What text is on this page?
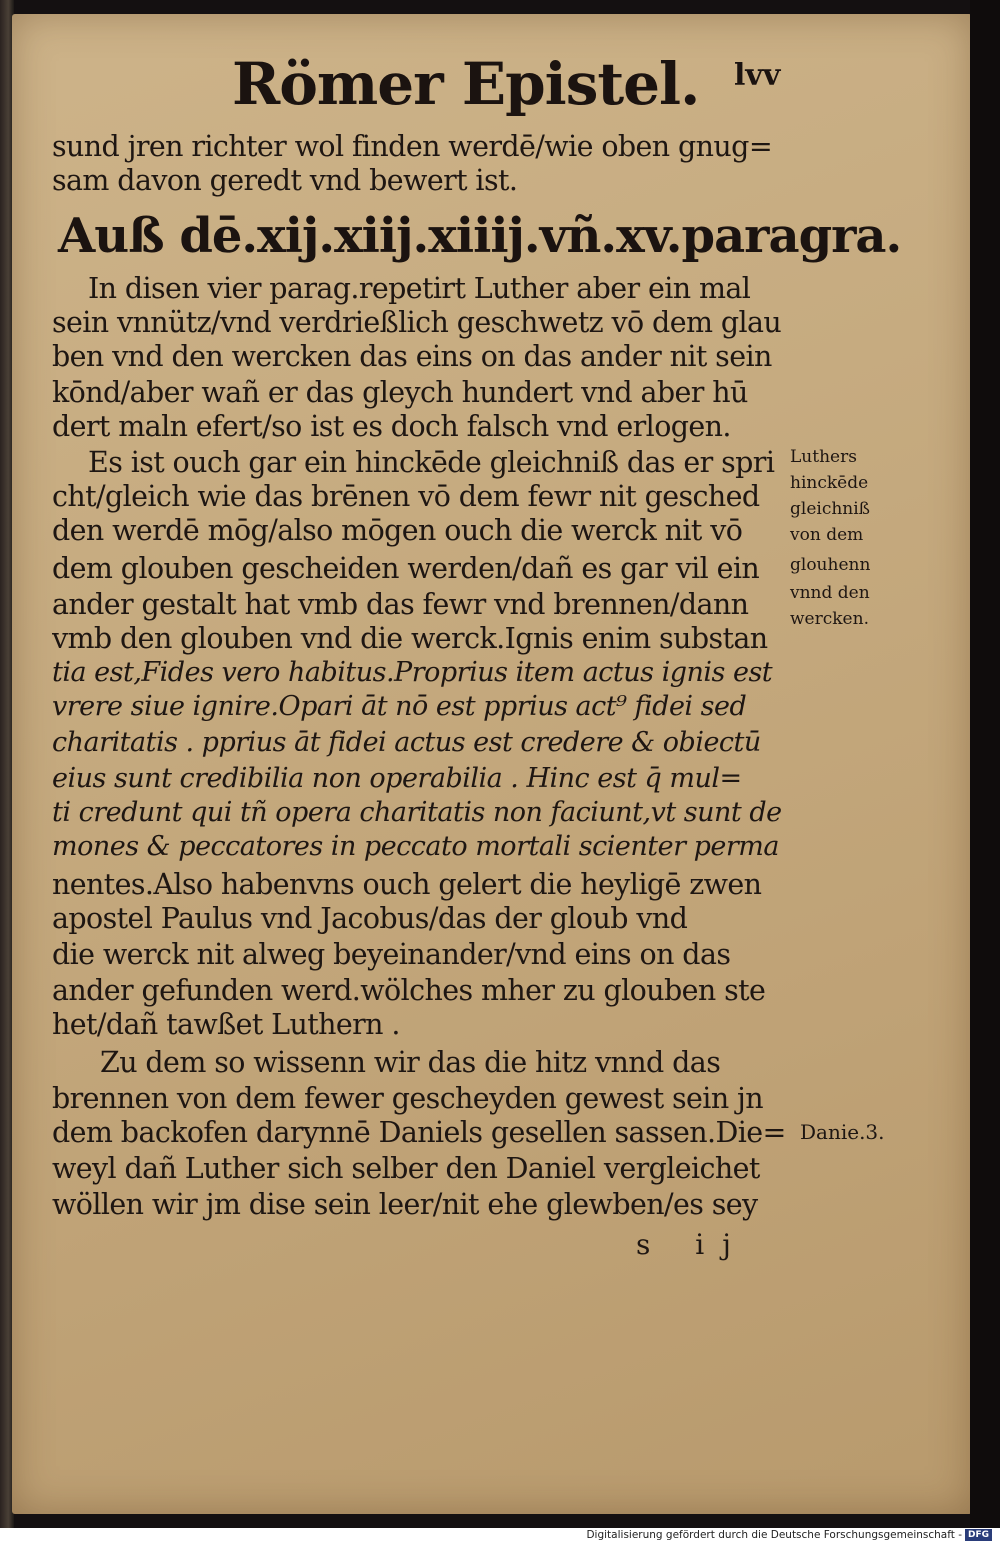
Römer Epistel. lvv
sund jren richter wol finden werdē/wie oben gnug=
sam davon geredt vnd bewert ist.
Auß dē.xij.xiij.xiiij.vñ.xv.paragra.
In disen vier parag.repetirt Luther aber ein mal
sein vnnütz/vnd verdrießlich geschwetz vō dem glau
ben vnd den wercken das eins on das ander nit sein
kōnd/aber wañ er das gleych hundert vnd aber hū
dert maln efert/so ist es doch falsch vnd erlogen.
Es ist ouch gar ein hinckēde gleichniß das er spri
cht/gleich wie das brēnen vō dem fewr nit gesched
den werdē mōg/also mōgen ouch die werck nit vō
dem glouben gescheiden werden/dañ es gar vil ein
ander gestalt hat vmb das fewr vnd brennen/dann
vmb den glouben vnd die werck.Ignis enim substan
tia est,Fides vero habitus.Proprius item actus ignis est
vrere siue ignire.Opari āt nō est pprius act⁹ fidei sed
charitatis . pprius āt fidei actus est credere & obiectū
eius sunt credibilia non operabilia . Hinc est q̄ mul=
ti credunt qui tñ opera charitatis non faciunt,vt sunt de
mones & peccatores in peccato mortali scienter perma
nentes.Also habenvns ouch gelert die heyligē zwen
apostel Paulus vnd Jacobus/das der gloub vnd
die werck nit alweg beyeinander/vnd eins on das
ander gefunden werd.wölches mher zu glouben ste
het/dañ tawßet Luthern .
Zu dem so wissenn wir das die hitz vnnd das
brennen von dem fewer gescheyden gewest sein jn
dem backofen darynnē Daniels gesellen sassen.Die=
weyl dañ Luther sich selber den Daniel vergleichet
wöllen wir jm dise sein leer/nit ehe glewben/es sey
Luthers
hinckēde
gleichniß
von dem
glouhenn
vnnd den
wercken.
Danie.3.
s ij
Digitalisierung gefördert durch die Deutsche Forschungsgemeinschaft - DFG
